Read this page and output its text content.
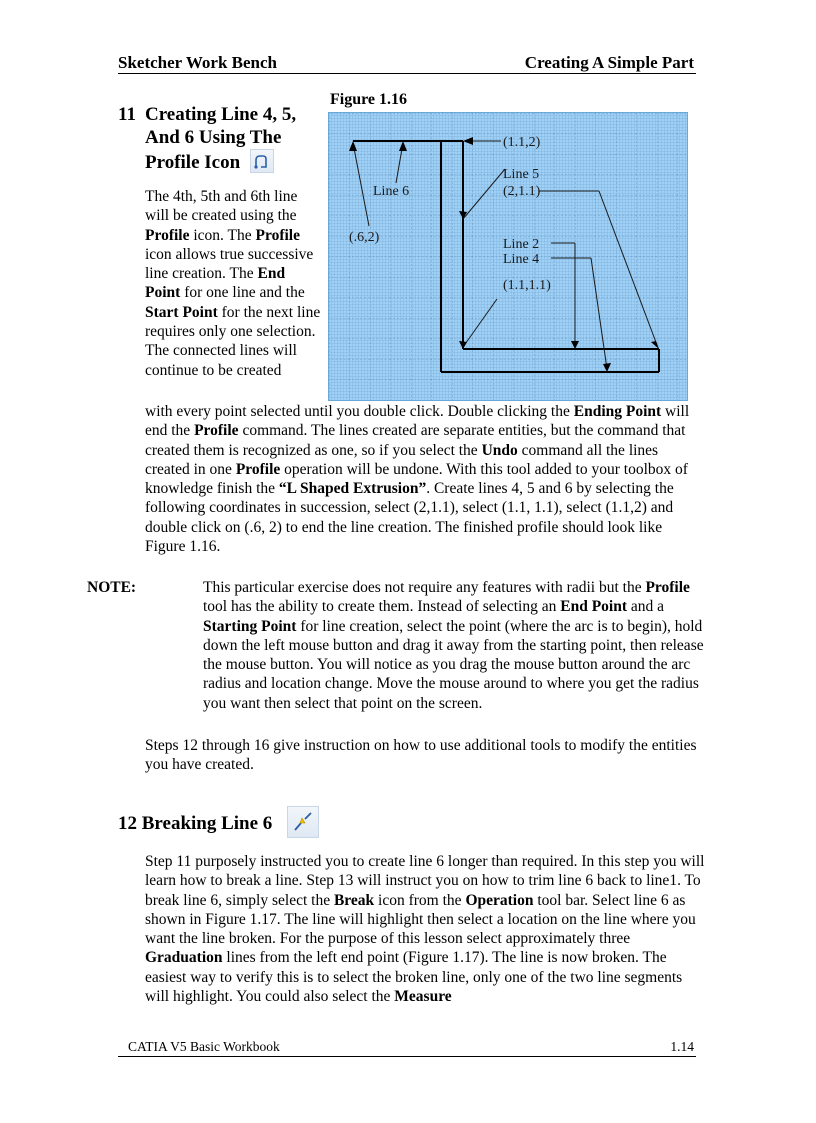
Sketcher Work Bench	Creating A Simple Part
11 Creating Line 4, 5,
And 6 Using The
Profile Icon
Figure 1.16
(1.1,2)
Line 5
(2,1.1)
Line 6
(.6,2)	Line 2
Line 4
(1.1,1.1)
The 4th, 5th and 6th line will be created using the Profile icon. The Profile icon allows true successive line creation. The End Point for one line and the Start Point for the next line requires only one selection. The connected lines will continue to be created
with every point selected until you double click. Double clicking the Ending Point will end the Profile command. The lines created are separate entities, but the command that created them is recognized as one, so if you select the Undo command all the lines created in one Profile operation will be undone. With this tool added to your toolbox of knowledge finish the “L Shaped Extrusion”. Create lines 4, 5 and 6 by selecting the following coordinates in succession, select (2,1.1), select (1.1, 1.1), select (1.1,2) and double click on (.6, 2) to end the line creation. The finished profile should look like Figure 1.16.
NOTE:	This particular exercise does not require any features with radii but the Profile tool has the ability to create them. Instead of selecting an End Point and a Starting Point for line creation, select the point (where the arc is to begin), hold down the left mouse button and drag it away from the starting point, then release the mouse button. You will notice as you drag the mouse button around the arc radius and location change. Move the mouse around to where you get the radius you want then select that point on the screen.
Steps 12 through 16 give instruction on how to use additional tools to modify the entities you have created.
12 Breaking Line 6
Step 11 purposely instructed you to create line 6 longer than required. In this step you will learn how to break a line. Step 13 will instruct you on how to trim line 6 back to line1. To break line 6, simply select the Break icon from the Operation tool bar. Select line 6 as shown in Figure 1.17. The line will highlight then select a location on the line where you want the line broken. For the purpose of this lesson select approximately three Graduation lines from the left end point (Figure 1.17). The line is now broken. The easiest way to verify this is to select the broken line, only one of the two line segments will highlight. You could also select the Measure
CATIA V5 Basic Workbook	1.14
